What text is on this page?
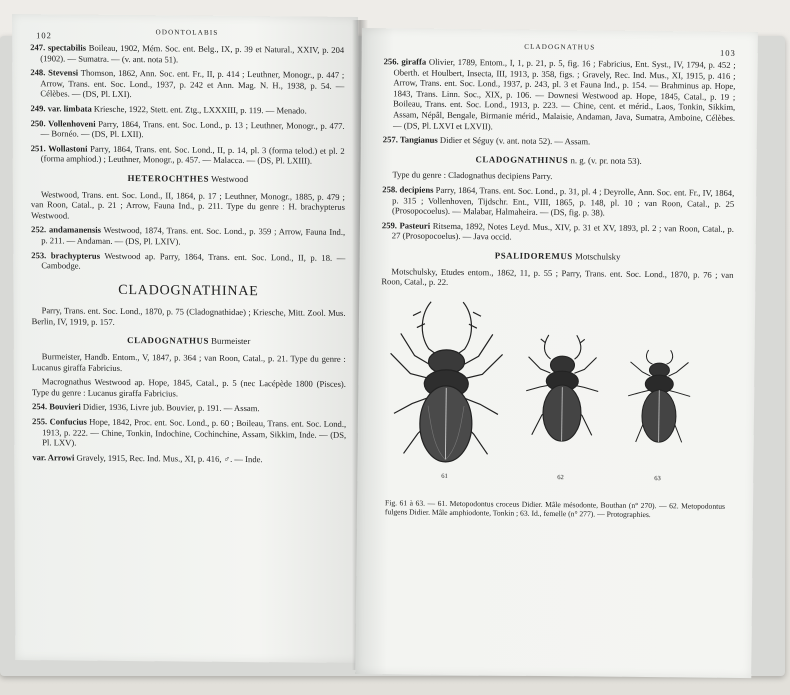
102	ODONTOLABIS

247. spectabilis Boileau, 1902, Mém. Soc. ent. Belg., IX, p. 39 et Natural., XXIV, p. 204 (1902). — Sumatra. — (v. ant. nota 51).

248. Stevensi Thomson, 1862, Ann. Soc. ent. Fr., II, p. 414 ; Leuthner, Monogr., p. 447 ; Arrow, Trans. ent. Soc. Lond., 1937, p. 242 et Ann. Mag. N. H., 1938, p. 54. — Célèbes. — (DS, Pl. LXI).

249. var. limbata Kriesche, 1922, Stett. ent. Ztg., LXXXIII, p. 119. — Menado.

250. Vollenhoveni Parry, 1864, Trans. ent. Soc. Lond., p. 13 ; Leuthner, Monogr., p. 477. — Bornéo. — (DS, Pl. LXII).

251. Wollastoni Parry, 1864, Trans. ent. Soc. Lond., II, p. 14, pl. 3 (forma telod.) et pl. 2 (forma amphiod.) ; Leuthner, Monogr., p. 457. — Malacca. — (DS, Pl. LXIII).

HETEROCHTHES Westwood

Westwood, Trans. ent. Soc. Lond., II, 1864, p. 17 ; Leuthner, Monogr., 1885, p. 479 ; van Roon, Catal., p. 21 ; Arrow, Fauna Ind., p. 211. Type du genre : H. brachypterus Westwood.

252. andamanensis Westwood, 1874, Trans. ent. Soc. Lond., p. 359 ; Arrow, Fauna Ind., p. 211. — Andaman. — (DS, Pl. LXIV).

253. brachypterus Westwood ap. Parry, 1864, Trans. ent. Soc. Lond., II, p. 18. —Cambodge.

CLADOGNATHINAE

Parry, Trans. ent. Soc. Lond., 1870, p. 75 (Cladognathidae) ; Kriesche, Mitt. Zool. Mus. Berlin, IV, 1919, p. 157.

CLADOGNATHUS Burmeister

Burmeister, Handb. Entom., V, 1847, p. 364 ; van Roon, Catal., p. 21. Type du genre : Lucanus giraffa Fabricius.

Macrognathus Westwood ap. Hope, 1845, Catal., p. 5 (nec Lacépède 1800 (Pisces). Type du genre : Lucanus giraffa Fabricius.

254. Bouvieri Didier, 1936, Livre jub. Bouvier, p. 191. — Assam.

255. Confucius Hope, 1842, Proc. ent. Soc. Lond., p. 60 ; Boileau, Trans. ent. Soc. Lond., 1913, p. 222. — Chine, Tonkin, Indochine, Cochinchine, Assam, Sikkim, Inde. — (DS, Pl. LXV).

var. Arrowi Gravely, 1915, Rec. Ind. Mus., XI, p. 416, ♂. — Inde.

CLADOGNATHUS
103

256. giraffa Olivier, 1789, Entom., I, 1, p. 21, p. 5, fig. 16 ; Fabricius, Ent. Syst., IV, 1794, p. 452 ; Oberth. et Houlbert, Insecta, III, 1913, p. 358, figs. ; Gravely, Rec. Ind. Mus., XI, 1915, p. 416 ; Arrow, Trans. ent. Soc. Lond., 1937, p. 243, pl. 3 et Fauna Ind., p. 154. — Brahminus ap. Hope, 1843, Trans. Linn. Soc., XIX, p. 106. — Downesi Westwood ap. Hope, 1845, Catal., p. 19 ; Boileau, Trans. ent. Soc. Lond., 1913, p. 223. — Chine, cent. et mérid., Laos, Tonkin, Sikkim, Assam, Népâl, Bengale, Birmanie mérid., Malaisie, Andaman, Java, Sumatra, Amboine, Célèbes. — (DS, Pl. LXVI et LXVII).

257. Tangianus Didier et Séguy (v. ant. nota 52). — Assam.

CLADOGNATHINUS n. g. (v. pr. nota 53).

Type du genre : Cladognathus decipiens Parry.

258. decipiens Parry, 1864, Trans. ent. Soc. Lond., p. 31, pl. 4 ; Deyrolle, Ann. Soc. ent. Fr., IV, 1864, p. 315 ; Vollenhoven, Tijdschr. Ent., VIII, 1865, p. 148, pl. 10 ; van Roon, Catal., p. 25 (Prosopocoelus). — Malabar, Halmaheira. — (DS, fig. p. 38).

259. Pasteuri Ritsema, 1892, Notes Leyd. Mus., XIV, p. 31 et XV, 1893, pl. 2 ; van Roon, Catal., p. 27 (Prosopocoelus). — Java occid.

PSALIDOREMUS Motschulsky

Motschulsky, Etudes entom., 1862, 11, p. 55 ; Parry, Trans. ent. Soc. Lond., 1870, p. 76 ; van Roon, Catal., p. 22.

61	62	63

Fig. 61 à 63. — 61. Metopodontus croceus Didier. Mâle mésodonte, Bouthan (n° 270). — 62. Metopodontus fulgens Didier. Mâle amphiodonte, Tonkin ; 63. Id., femelle (n° 277). — Protographies.
